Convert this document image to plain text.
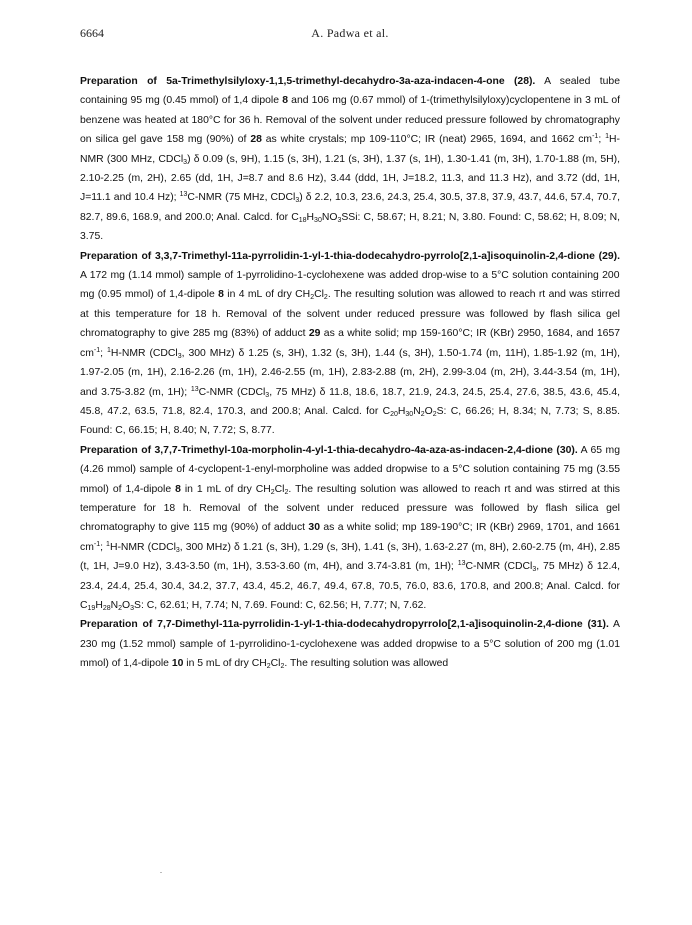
6664	A. Padwa et al.

Preparation of 5a-Trimethylsilyloxy-1,1,5-trimethyl-decahydro-3a-aza-indacen-4-one (28). A sealed tube containing 95 mg (0.45 mmol) of 1,4 dipole 8 and 106 mg (0.67 mmol) of 1-(trimethylsilyloxy)cyclopentene in 3 mL of benzene was heated at 180°C for 36 h. Removal of the solvent under reduced pressure followed by chromatography on silica gel gave 158 mg (90%) of 28 as white crystals; mp 109-110°C; IR (neat) 2965, 1694, and 1662 $cm^{-1}$; $^1$H-NMR (300 MHz, CDCl$_3$) δ 0.09 (s, 9H), 1.15 (s, 3H), 1.21 (s, 3H), 1.37 (s, 1H), 1.30-1.41 (m, 3H), 1.70-1.88 (m, 5H), 2.10-2.25 (m, 2H), 2.65 (dd, 1H, J=8.7 and 8.6 Hz), 3.44 (ddd, 1H, J=18.2, 11.3, and 11.3 Hz), and 3.72 (dd, 1H, J=11.1 and 10.4 Hz); $^{13}$C-NMR (75 MHz, CDCl$_3$) δ 2.2, 10.3, 23.6, 24.3, 25.4, 30.5, 37.8, 37.9, 43.7, 44.6, 57.4, 70.7, 82.7, 89.6, 168.9, and 200.0; Anal. Calcd. for $C_{18}H_{30}NO_3SSi$: C, 58.67; H, 8.21; N, 3.80. Found: C, 58.62; H, 8.09; N, 3.75.

Preparation of 3,3,7-Trimethyl-11a-pyrrolidin-1-yl-1-thia-dodecahydro-pyrrolo[2,1-a]isoquinolin-2,4-dione (29). A 172 mg (1.14 mmol) sample of 1-pyrrolidino-1-cyclohexene was added drop-wise to a 5°C solution containing 200 mg (0.95 mmol) of 1,4-dipole 8 in 4 mL of dry $CH_2Cl_2$. The resulting solution was allowed to reach rt and was stirred at this temperature for 18 h. Removal of the solvent under reduced pressure was followed by flash silica gel chromatography to give 285 mg (83%) of adduct 29 as a white solid; mp 159-160°C; IR (KBr) 2950, 1684, and 1657 $cm^{-1}$; $^1$H-NMR (CDCl$_3$, 300 MHz) δ 1.25 (s, 3H), 1.32 (s, 3H), 1.44 (s, 3H), 1.50-1.74 (m, 11H), 1.85-1.92 (m, 1H), 1.97-2.05 (m, 1H), 2.16-2.26 (m, 1H), 2.46-2.55 (m, 1H), 2.83-2.88 (m, 2H), 2.99-3.04 (m, 2H), 3.44-3.54 (m, 1H), and 3.75-3.82 (m, 1H); $^{13}$C-NMR (CDCl$_3$, 75 MHz) δ 11.8, 18.6, 18.7, 21.9, 24.3, 24.5, 25.4, 27.6, 38.5, 43.6, 45.4, 45.8, 47.2, 63.5, 71.8, 82.4, 170.3, and 200.8; Anal. Calcd. for $C_{20}H_{30}N_2O_2S$: C, 66.26; H, 8.34; N, 7.73; S, 8.85. Found: C, 66.15; H, 8.40; N, 7.72; S, 8.77.

Preparation of 3,7,7-Trimethyl-10a-morpholin-4-yl-1-thia-decahydro-4a-aza-as-indacen-2,4-dione (30). A 65 mg (4.26 mmol) sample of 4-cyclopent-1-enyl-morpholine was added dropwise to a 5°C solution containing 75 mg (3.55 mmol) of 1,4-dipole 8 in 1 mL of dry $CH_2Cl_2$. The resulting solution was allowed to reach rt and was stirred at this temperature for 18 h. Removal of the solvent under reduced pressure was followed by flash silica gel chromatography to give 115 mg (90%) of adduct 30 as a white solid; mp 189-190°C; IR (KBr) 2969, 1701, and 1661 $cm^{-1}$; $^1$H-NMR (CDCl$_3$, 300 MHz) δ 1.21 (s, 3H), 1.29 (s, 3H), 1.41 (s, 3H), 1.63-2.27 (m, 8H), 2.60-2.75 (m, 4H), 2.85 (t, 1H, J=9.0 Hz), 3.43-3.50 (m, 1H), 3.53-3.60 (m, 4H), and 3.74-3.81 (m, 1H); $^{13}$C-NMR (CDCl$_3$, 75 MHz) δ 12.4, 23.4, 24.4, 25.4, 30.4, 34.2, 37.7, 43.4, 45.2, 46.7, 49.4, 67.8, 70.5, 76.0, 83.6, 170.8, and 200.8; Anal. Calcd. for $C_{19}H_{28}N_2O_3S$: C, 62.61; H, 7.74; N, 7.69. Found: C, 62.56; H, 7.77; N, 7.62.

Preparation of 7,7-Dimethyl-11a-pyrrolidin-1-yl-1-thia-dodecahydropyrrolo[2,1-a]isoquinolin-2,4-dione (31). A 230 mg (1.52 mmol) sample of 1-pyrrolidino-1-cyclohexene was added dropwise to a 5°C solution of 200 mg (1.01 mmol) of 1,4-dipole 10 in 5 mL of dry $CH_2Cl_2$. The resulting solution was allowed
